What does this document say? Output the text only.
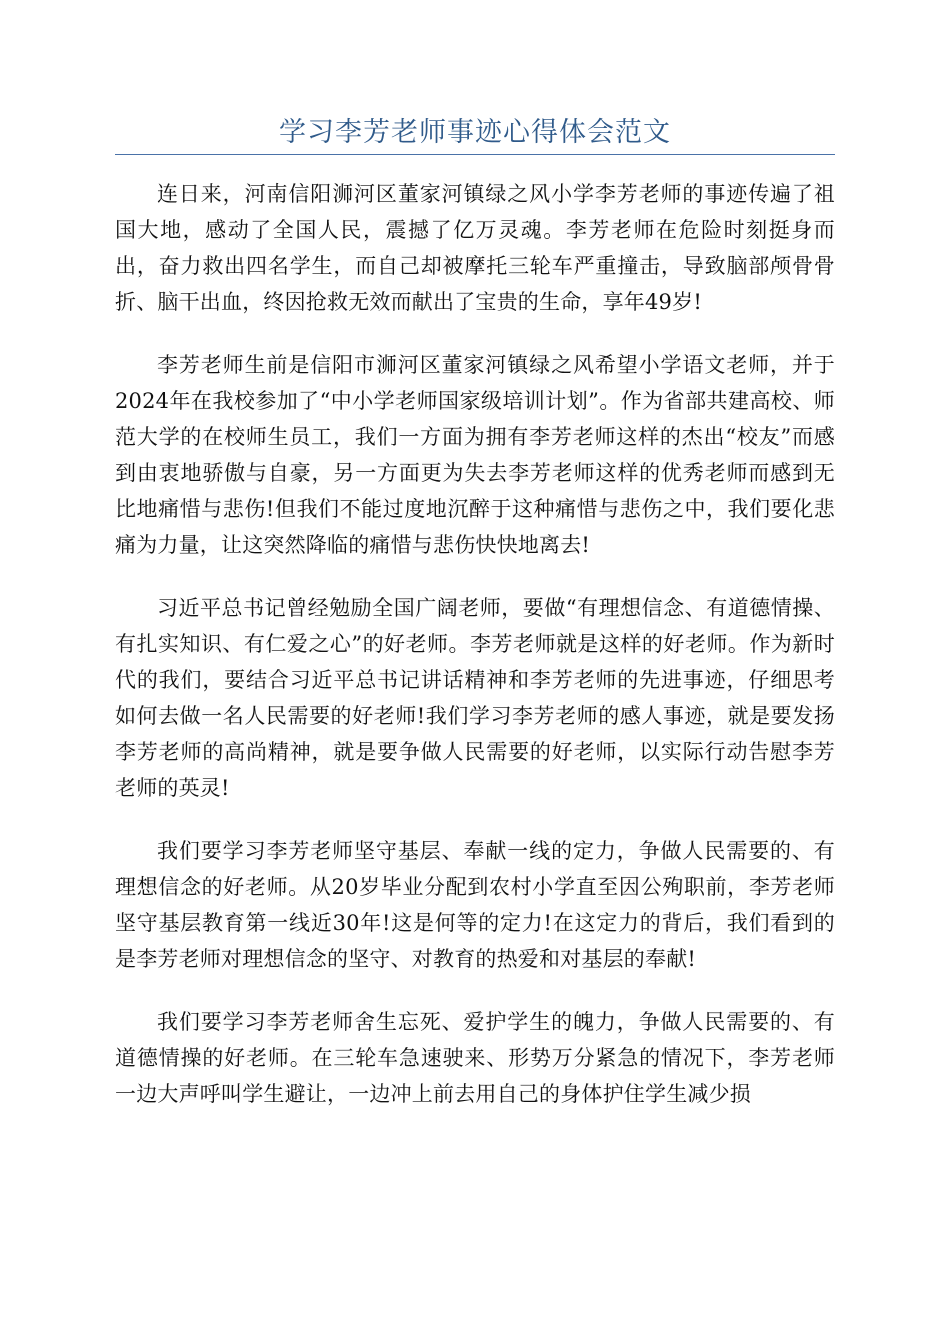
学习李芳老师事迹心得体会范文

连日来，河南信阳浉河区董家河镇绿之风小学李芳老师的事迹传遍了祖国大地，感动了全国人民，震撼了亿万灵魂。李芳老师在危险时刻挺身而出，奋力救出四名学生，而自己却被摩托三轮车严重撞击，导致脑部颅骨骨折、脑干出血，终因抢救无效而献出了宝贵的生命，享年49岁!

李芳老师生前是信阳市浉河区董家河镇绿之风希望小学语文老师，并于2024年在我校参加了“中小学老师国家级培训计划”。作为省部共建高校、师范大学的在校师生员工，我们一方面为拥有李芳老师这样的杰出“校友”而感到由衷地骄傲与自豪，另一方面更为失去李芳老师这样的优秀老师而感到无比地痛惜与悲伤!但我们不能过度地沉醉于这种痛惜与悲伤之中，我们要化悲痛为力量，让这突然降临的痛惜与悲伤快快地离去!

习近平总书记曾经勉励全国广阔老师，要做“有理想信念、有道德情操、有扎实知识、有仁爱之心”的好老师。李芳老师就是这样的好老师。作为新时代的我们，要结合习近平总书记讲话精神和李芳老师的先进事迹，仔细思考如何去做一名人民需要的好老师!我们学习李芳老师的感人事迹，就是要发扬李芳老师的高尚精神，就是要争做人民需要的好老师，以实际行动告慰李芳老师的英灵!

我们要学习李芳老师坚守基层、奉献一线的定力，争做人民需要的、有理想信念的好老师。从20岁毕业分配到农村小学直至因公殉职前，李芳老师坚守基层教育第一线近30年!这是何等的定力!在这定力的背后，我们看到的是李芳老师对理想信念的坚守、对教育的热爱和对基层的奉献!

我们要学习李芳老师舍生忘死、爱护学生的魄力，争做人民需要的、有道德情操的好老师。在三轮车急速驶来、形势万分紧急的情况下，李芳老师一边大声呼叫学生避让，一边冲上前去用自己的身体护住学生减少损
